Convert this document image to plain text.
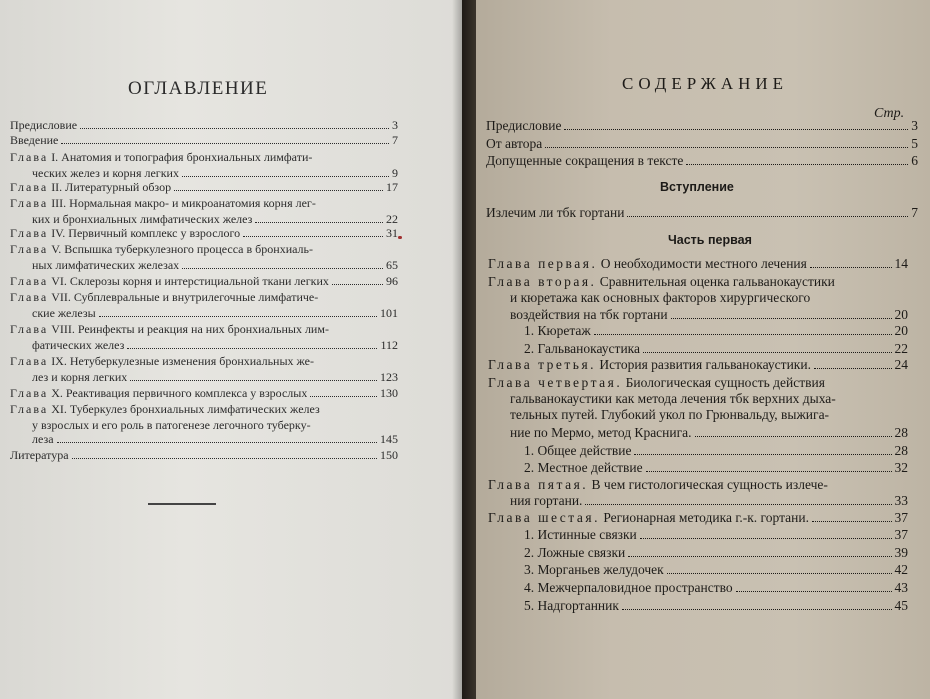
ОГЛАВЛЕНИЕ
Предисловие	3
Введение	7
Глава I. Анатомия и топография бронхиальных лимфати-
ческих желез и корня легких	9
Глава II. Литературный обзор	17
Глава III. Нормальная макро- и микроанатомия корня лег-
ких и бронхиальных лимфатических желез	22
Глава IV. Первичный комплекс у взрослого	31
Глава V. Вспышка туберкулезного процесса в бронхиаль-
ных лимфатических железах	65
Глава VI. Склерозы корня и интерстициальной ткани легких	96
Глава VII. Субплевральные и внутрилегочные лимфатиче-
ские железы	101
Глава VIII. Реинфекты и реакция на них бронхиальных лим-
фатических желез	112
Глава IX. Нетуберкулезные изменения бронхиальных же-
лез и корня легких	123
Глава X. Реактивация первичного комплекса у взрослых	130
Глава XI. Туберкулез бронхиальных лимфатических желез
у взрослых и его роль в патогенезе легочного туберку-
леза	145
Литература	150
СОДЕРЖАНИЕ
Стр.
Предисловие	3
От автора	5
Допущенные сокращения в тексте	6
Вступление
Излечим ли тбк гортани	7
Часть первая
Глава первая. О необходимости местного лечения	14
Глава вторая. Сравнительная оценка гальванокаустики
и кюретажа как основных факторов хирургического
воздействия на тбк гортани	20
1. Кюретаж	20
2. Гальванокаустика	22
Глава третья. История развития гальванокаустики.	24
Глава четвертая. Биологическая сущность действия
гальванокаустики как метода лечения тбк верхних дыха-
тельных путей. Глубокий укол по Грюнвальду, выжига-
ние по Мермо, метод Краснига.	28
1. Общее действие	28
2. Местное действие	32
Глава пятая. В чем гистологическая сущность излече-
ния гортани.	33
Глава шестая. Регионарная методика г.-к. гортани.	37
1. Истинные связки	37
2. Ложные связки	39
3. Морганьев желудочек	42
4. Межчерпаловидное пространство	43
5. Надгортанник	45
